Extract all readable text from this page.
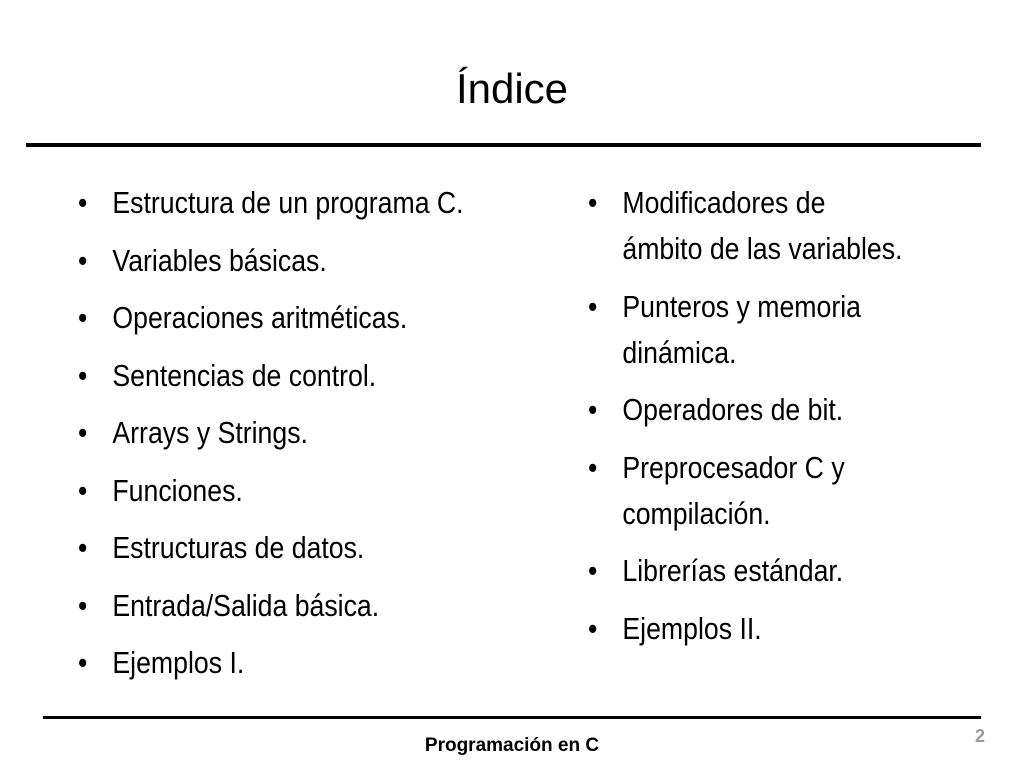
Índice
• Estructura de un programa C.
• Variables básicas.
• Operaciones aritméticas.
• Sentencias de control.
• Arrays y Strings.
• Funciones.
• Estructuras de datos.
• Entrada/Salida básica.
• Ejemplos I.
• Modificadores de
ámbito de las variables.
• Punteros y memoria
dinámica.
• Operadores de bit.
• Preprocesador C y
compilación.
• Librerías estándar.
• Ejemplos II.
Programación en C	2
